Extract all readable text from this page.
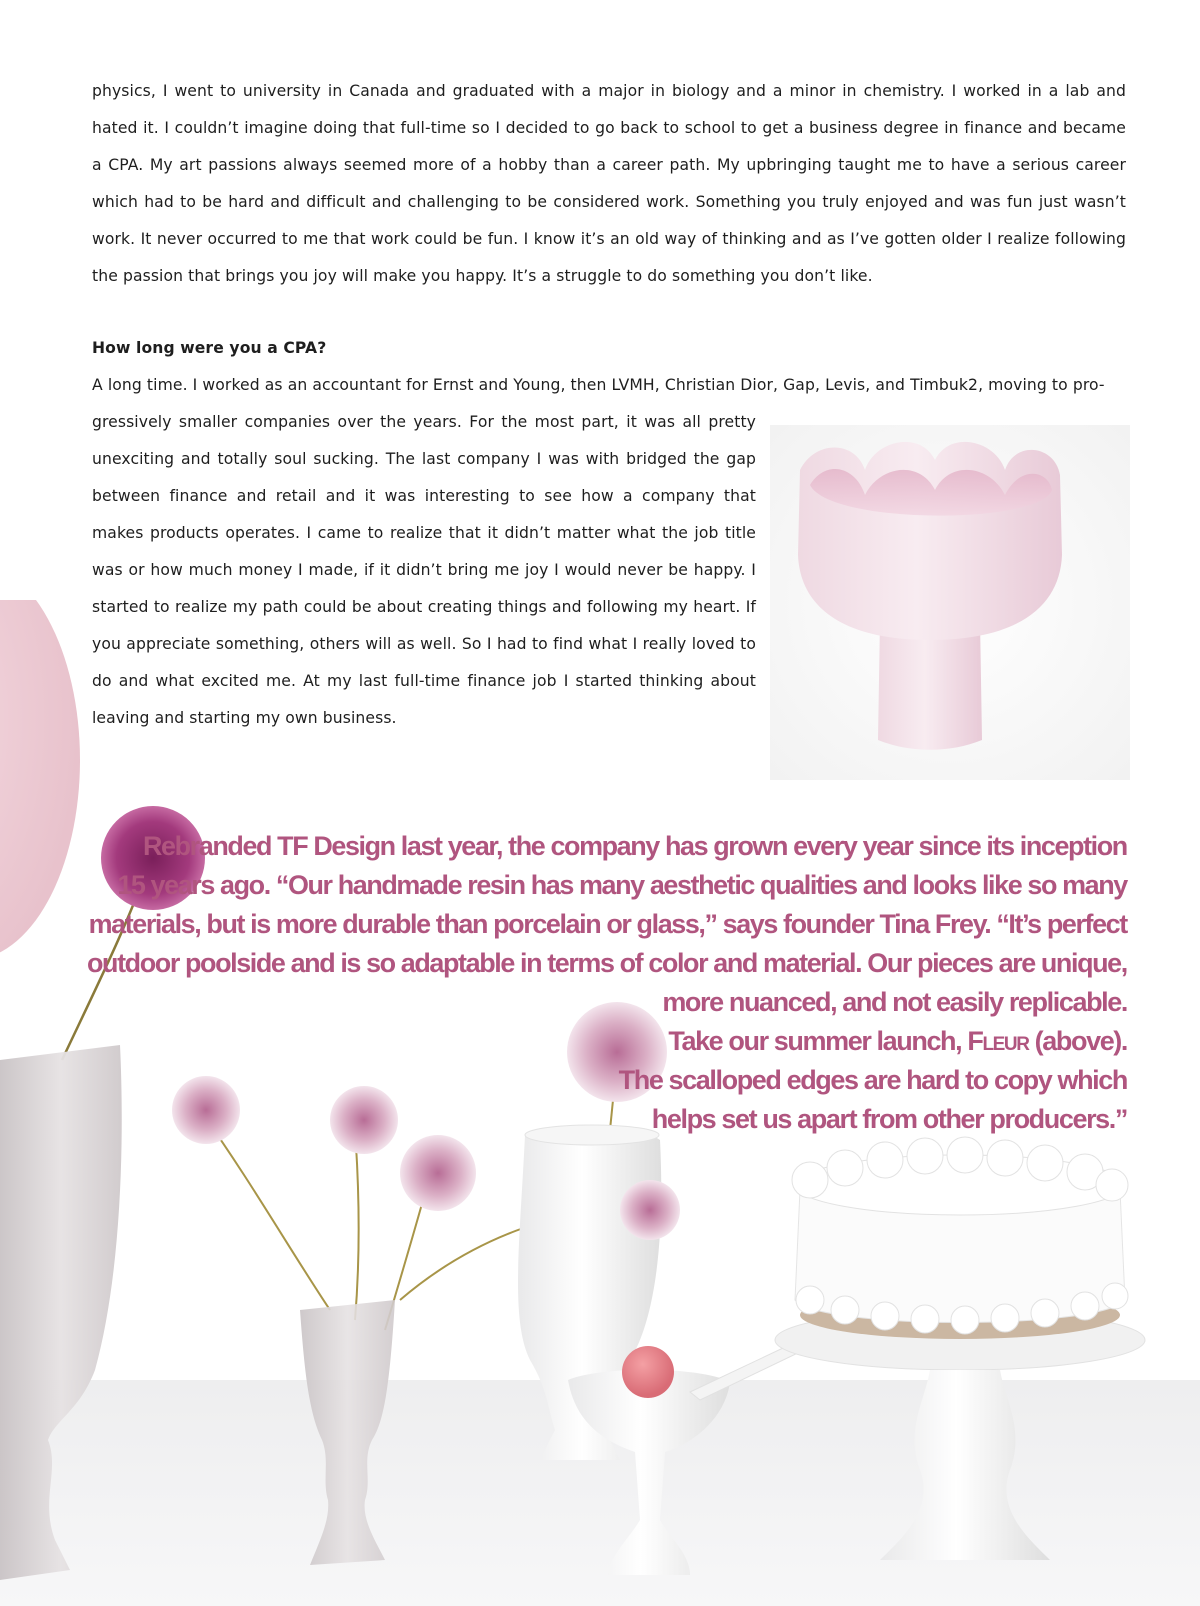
physics, I went to university in Canada and graduated with a major in biology and a minor in chemistry. I worked in a lab and hated it. I couldn’t imagine doing that full-time so I decided to go back to school to get a business degree in finance and became a CPA. My art passions always seemed more of a hobby than a career path. My upbringing taught me to have a serious career which had to be hard and difficult and challenging to be considered work. Something you truly enjoyed and was fun just wasn’t work. It never occurred to me that work could be fun. I know it’s an old way of thinking and as I’ve gotten older I realize following the passion that brings you joy will make you happy. It’s a struggle to do something you don’t like.

How long were you a CPA?

A long time. I worked as an accountant for Ernst and Young, then LVMH, Christian Dior, Gap, Levis, and Timbuk2, moving to pro-

gressively smaller companies over the years. For the most part, it was all pretty unexciting and totally soul sucking. The last company I was with bridged the gap between finance and retail and it was interesting to see how a company that makes products operates. I came to realize that it didn’t matter what the job title was or how much money I made, if it didn’t bring me joy I would never be happy. I started to realize my path could be about creating things and following my heart. If you appreciate something, others will as well. So I had to find what I really loved to do and what excited me. At my last full-time finance job I started thinking about leaving and starting my own business.

Rebranded TF Design last year, the company has grown every year since its inception
15 years ago. “Our handmade resin has many aesthetic qualities and looks like so many
materials, but is more durable than porcelain or glass,” says founder Tina Frey. “It’s perfect
outdoor poolside and is so adaptable in terms of color and material. Our pieces are unique,
more nuanced, and not easily replicable.
Take our summer launch, Fleur (above).
The scalloped edges are hard to copy which
helps set us apart from other producers.”
